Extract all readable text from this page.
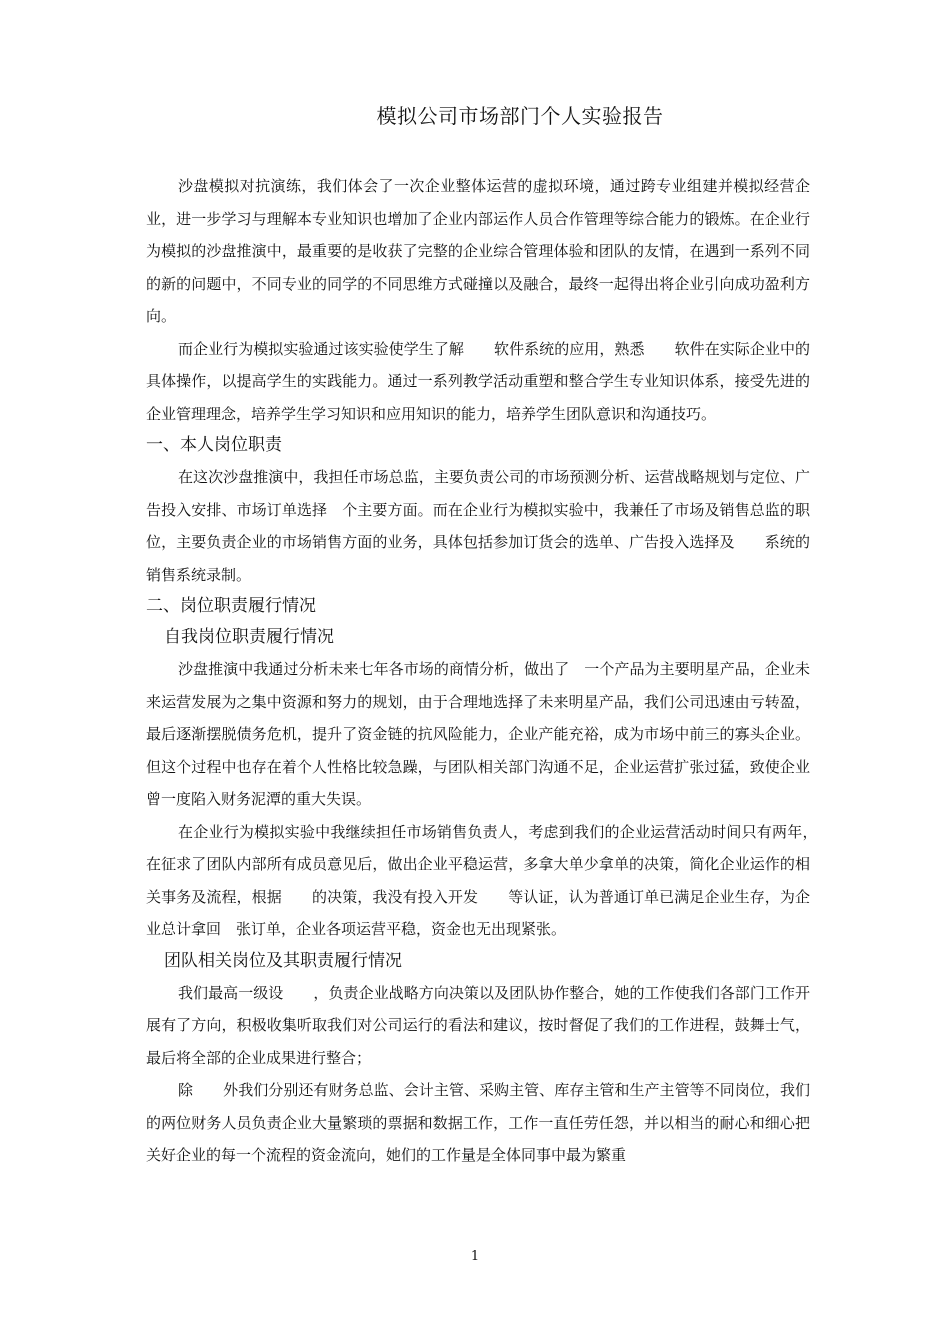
模拟公司市场部门个人实验报告

沙盘模拟对抗演练，我们体会了一次企业整体运营的虚拟环境，通过跨专业组建并模拟经营企业，进一步学习与理解本专业知识也增加了企业内部运作人员合作管理等综合能力的锻炼。在企业行为模拟的沙盘推演中，最重要的是收获了完整的企业综合管理体验和团队的友情，在遇到一系列不同的新的问题中，不同专业的同学的不同思维方式碰撞以及融合，最终一起得出将企业引向成功盈利方向。

而企业行为模拟实验通过该实验使学生了解　　软件系统的应用，熟悉　　软件在实际企业中的具体操作，以提高学生的实践能力。通过一系列教学活动重塑和整合学生专业知识体系，接受先进的企业管理理念，培养学生学习知识和应用知识的能力，培养学生团队意识和沟通技巧。

一、本人岗位职责

在这次沙盘推演中，我担任市场总监，主要负责公司的市场预测分析、运营战略规划与定位、广告投入安排、市场订单选择　个主要方面。而在企业行为模拟实验中，我兼任了市场及销售总监的职位，主要负责企业的市场销售方面的业务，具体包括参加订货会的选单、广告投入选择及　　系统的销售系统录制。

二、岗位职责履行情况
自我岗位职责履行情况

沙盘推演中我通过分析未来七年各市场的商情分析，做出了　一个产品为主要明星产品，企业未来运营发展为之集中资源和努力的规划，由于合理地选择了未来明星产品，我们公司迅速由亏转盈，最后逐渐摆脱债务危机，提升了资金链的抗风险能力，企业产能充裕，成为市场中前三的寡头企业。但这个过程中也存在着个人性格比较急躁，与团队相关部门沟通不足，企业运营扩张过猛，致使企业曾一度陷入财务泥潭的重大失误。

在企业行为模拟实验中我继续担任市场销售负责人，考虑到我们的企业运营活动时间只有两年，　在征求了团队内部所有成员意见后，做出企业平稳运营，多拿大单少拿单的决策，简化企业运作的相关事务及流程，根据　　的决策，我没有投入开发　　等认证，认为普通订单已满足企业生存，为企业总计拿回　张订单，企业各项运营平稳，资金也无出现紧张。

团队相关岗位及其职责履行情况

我们最高一级设　　，负责企业战略方向决策以及团队协作整合，她的工作使我们各部门工作开展有了方向，积极收集听取我们对公司运行的看法和建议，按时督促了我们的工作进程，鼓舞士气，最后将全部的企业成果进行整合；

除　　外我们分别还有财务总监、会计主管、采购主管、库存主管和生产主管等不同岗位，我们的两位财务人员负责企业大量繁琐的票据和数据工作，工作一直任劳任怨，并以相当的耐心和细心把关好企业的每一个流程的资金流向，她们的工作量是全体同事中最为繁重

1
